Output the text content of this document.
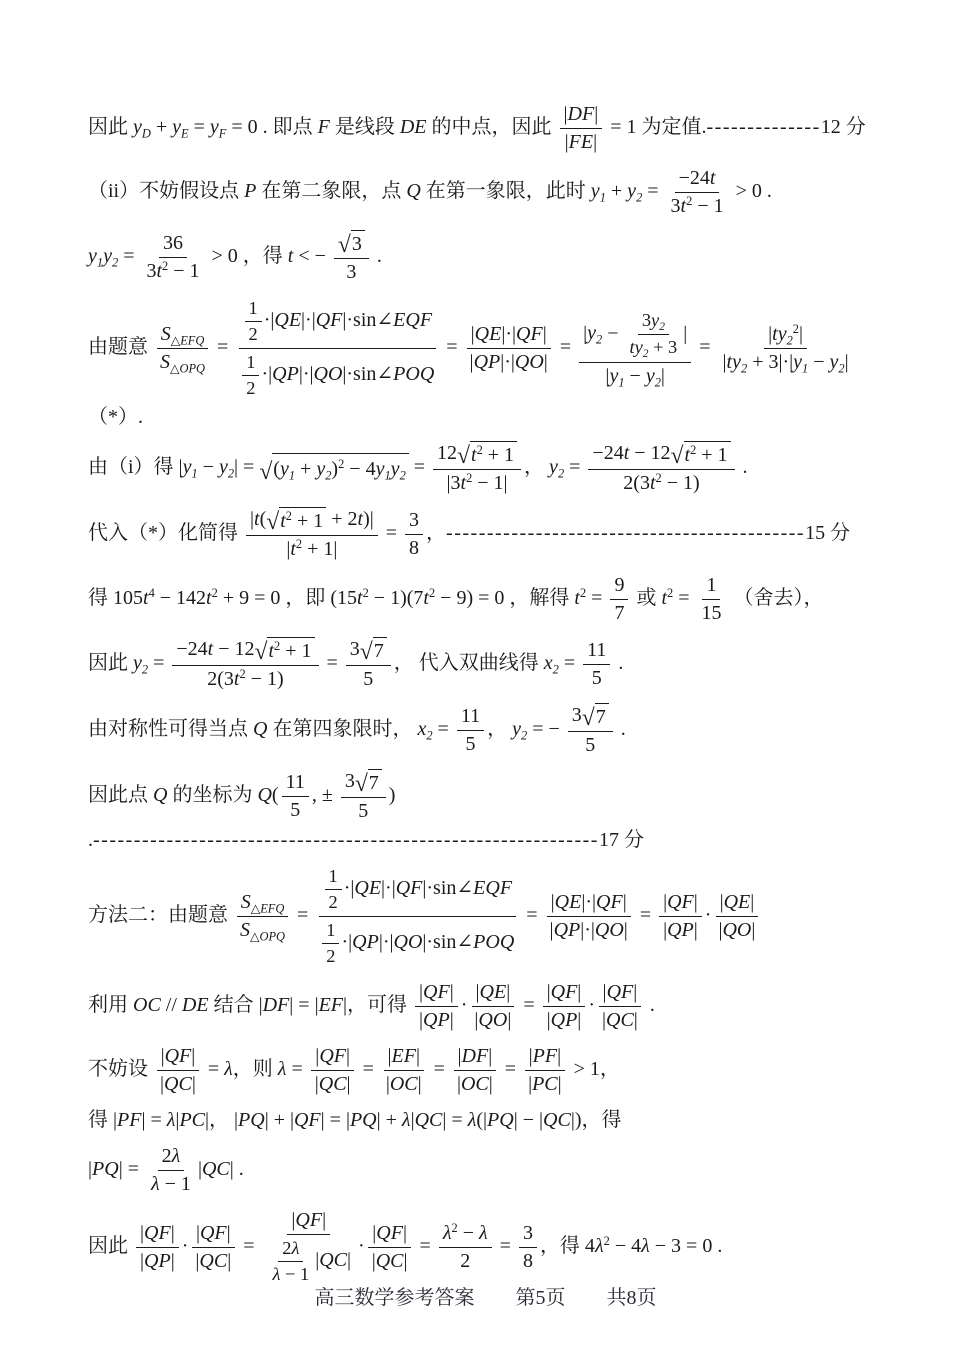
因此 $y_D + y_E = y_F = 0$ . 即点 F 是线段 DE 的中点，因此 $\frac{|DF|}{|FE|} = 1$ 为定值.--------------12 分
（ii）不妨假设点 P 在第二象限，点 Q 在第一象限，此时 $y_1 + y_2 = \frac{-24t}{3t^2 - 1} > 0$ .
$y_1y_2 = \frac{36}{3t^2 - 1} > 0$ ，得 t < − $\frac{√ 3}{3}$ .
由题意 $\frac{S_{\triangle EFQ}}{S_{\triangle OPQ}} = \frac{\frac{1}{2} \cdot|QE|\cdot|QF|\cdot\sin\angle EQF}{\frac{1}{2} \cdot|QP|\cdot|QO|\cdot\sin\angle POQ} = \frac{|QE|\cdot|QF|}{|QP|\cdot|QO|} = \frac{|y_2 - \frac{3y_2}{ty_2 + 3} |}{|y_1 - y_2|} = \frac{|ty_2^2|}{|ty_2 + 3|\cdot|y_1 - y_2|}$ （*）.
由（i）得 $|y_1 - y_2|$ = √ $(y_1 + y_2)^2 - 4y_1y_2 = \frac{12 √ t^2 + 1}{|3t^2 - 1|}$ ， $y_2 = \frac{-24t - 12 √ t^2 + 1}{2(3t^2 - 1)}$ .
代入（*）化简得 $\frac{|t( √ t^2 + 1 + 2t)|}{|t^2 + 1|} = \frac{3}{8}$ ，--------------------------------------------15 分
得 $105t^4 - 142t^2 + 9 = 0$ ，即 $(15t^2 - 1)(7t^2 - 9) = 0$ ，解得 $t^2 = \frac{9}{7}$ 或 $t^2 = \frac{1}{15}$ （舍去），
因此 $y_2 = \frac{-24t - 12 √ t^2 + 1}{2(3t^2 - 1)} = \frac{3 √ 7}{5}$ ， 代入双曲线得 $x_2 = \frac{11}{5}$ .
由对称性可得当点 Q 在第四象限时， $x_2 = \frac{11}{5}$ ， $y_2$ = − $\frac{3 √ 7}{5}$ .
因此点 Q 的坐标为 $Q( \frac{11}{5}$ , ± $\frac{3 √ 7}{5}$ ) .--------------------------------------------------------------17 分
方法二：由题意 $\frac{S_{\triangle EFQ}}{S_{\triangle OPQ}} = \frac{\frac{1}{2} \cdot|QE|\cdot|QF|\cdot\sin\angle EQF}{\frac{1}{2} \cdot|QP|\cdot|QO|\cdot\sin\angle POQ} = \frac{|QE|\cdot|QF|}{|QP|\cdot|QO|} = \frac{|QF|}{|QP|} \cdot \frac{|QE|}{|QO|}$
利用 OC // DE 结合 |DF| = |EF|，可得 $\frac{|QF|}{|QP|} \cdot \frac{|QE|}{|QO|} = \frac{|QF|}{|QP|} \cdot \frac{|QF|}{|QC|}$ .
不妨设 $\frac{|QF|}{|QC|} = \lambda$，则 $\lambda = \frac{|QF|}{|QC|} = \frac{|EF|}{|OC|} = \frac{|DF|}{|OC|} = \frac{|PF|}{|PC|} > 1$，
得 |PF| = λ|PC|， |PQ| + |QF| = |PQ| + λ|QC| = λ(|PQ| − |QC|)，得
$|PQ| = \frac{2\lambda}{\lambda - 1} |QC|$ .
因此 $\frac{|QF|}{|QP|} \cdot \frac{|QF|}{|QC|} = \frac{|QF|}{\frac{2\lambda}{\lambda - 1} |QC|} \cdot \frac{|QF|}{|QC|} = \frac{\lambda^2 - \lambda}{2} = \frac{3}{8}$ ，得 $4\lambda^2 - 4\lambda - 3 = 0$ .
高三数学参考答案 第5页 共8页
